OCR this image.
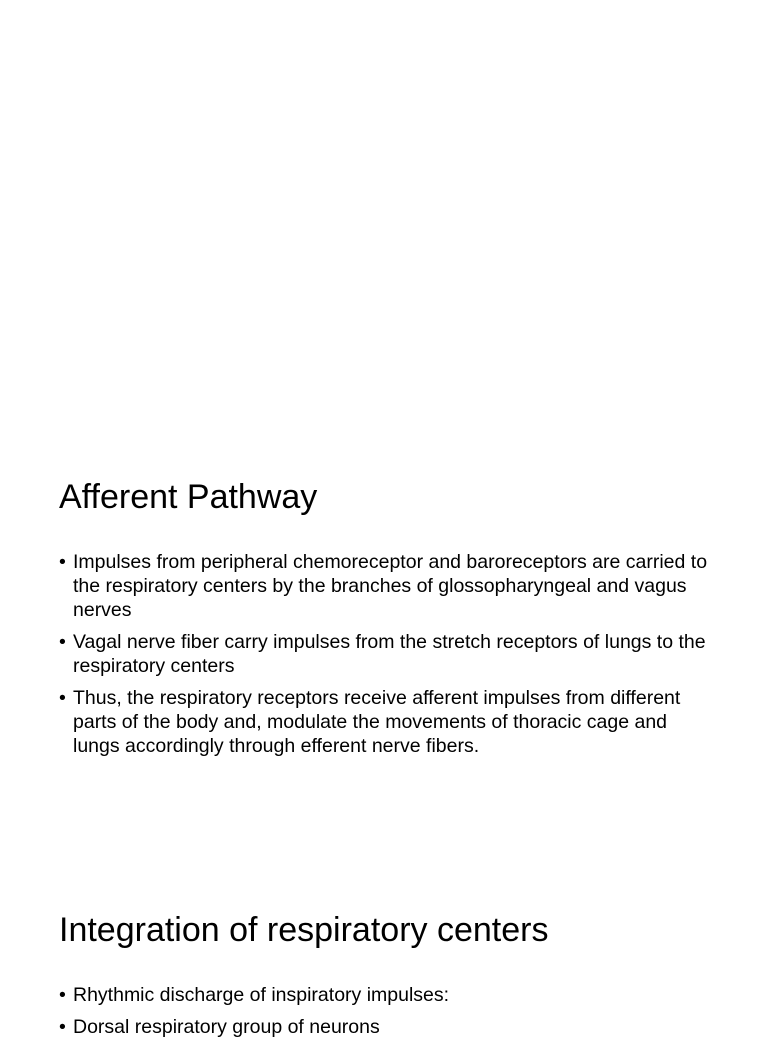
Afferent Pathway
• Impulses from peripheral chemoreceptor and baroreceptors are carried to the respiratory centers by the branches of glossopharyngeal and vagus nerves
• Vagal nerve fiber carry impulses from the stretch receptors of lungs to the respiratory centers
• Thus, the respiratory receptors receive afferent impulses from different parts of the body and, modulate the movements of thoracic cage and lungs accordingly through efferent nerve fibers.
Integration of respiratory centers
• Rhythmic discharge of inspiratory impulses:
• Dorsal respiratory group of neurons
